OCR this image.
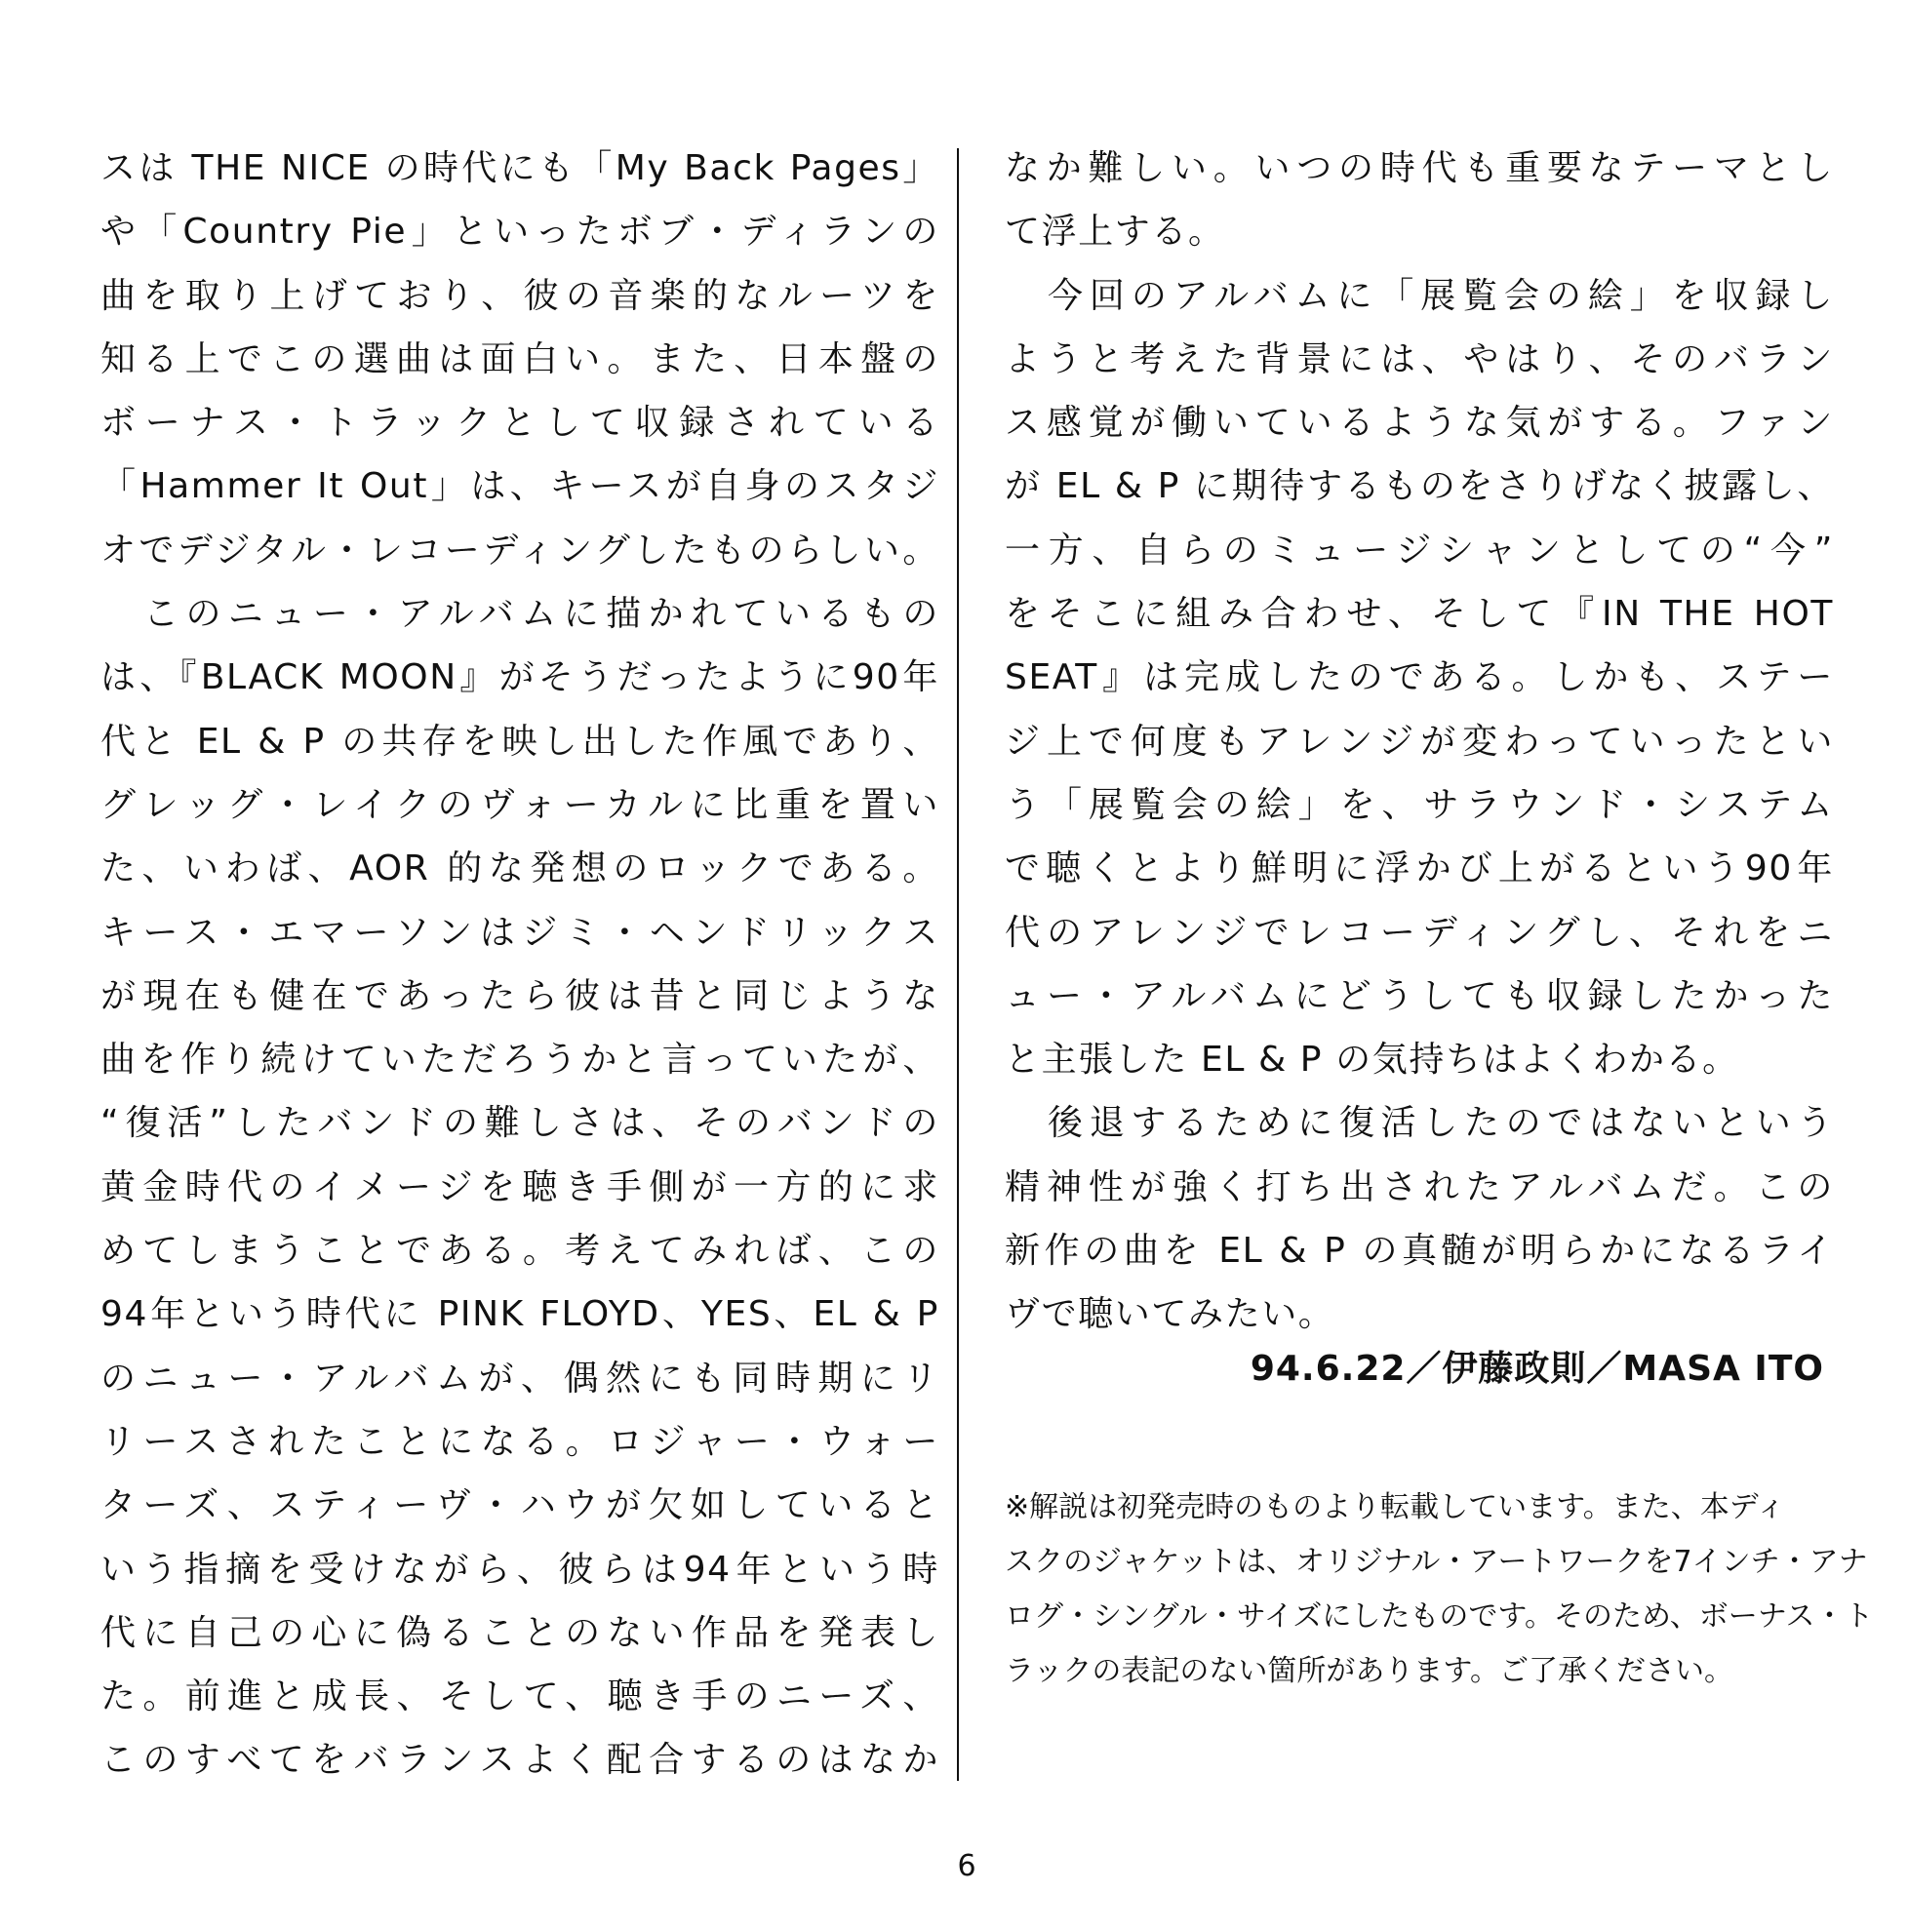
スは THE NICE の時代にも「My Back Pages」
や「Country Pie」といったボブ・ディランの
曲を取り上げており、彼の音楽的なルーツを
知る上でこの選曲は面白い。また、日本盤の
ボーナス・トラックとして収録されている
「Hammer It Out」は、キースが自身のスタジ
オでデジタル・レコーディングしたものらしい。
このニュー・アルバムに描かれているもの
は、『BLACK MOON』がそうだったように90年
代と EL & P の共存を映し出した作風であり、
グレッグ・レイクのヴォーカルに比重を置い
た、いわば、AOR 的な発想のロックである。
キース・エマーソンはジミ・ヘンドリックス
が現在も健在であったら彼は昔と同じような
曲を作り続けていただろうかと言っていたが、
“復活”したバンドの難しさは、そのバンドの
黄金時代のイメージを聴き手側が一方的に求
めてしまうことである。考えてみれば、この
94年という時代に PINK FLOYD、YES、EL & P
のニュー・アルバムが、偶然にも同時期にリ
リースされたことになる。ロジャー・ウォー
ターズ、スティーヴ・ハウが欠如していると
いう指摘を受けながら、彼らは94年という時
代に自己の心に偽ることのない作品を発表し
た。前進と成長、そして、聴き手のニーズ、
このすべてをバランスよく配合するのはなか
なか難しい。いつの時代も重要なテーマとし
て浮上する。
今回のアルバムに「展覧会の絵」を収録し
ようと考えた背景には、やはり、そのバラン
ス感覚が働いているような気がする。ファン
が EL & P に期待するものをさりげなく披露し、
一方、自らのミュージシャンとしての“今”
をそこに組み合わせ、そして『IN THE HOT
SEAT』は完成したのである。しかも、ステー
ジ上で何度もアレンジが変わっていったとい
う「展覧会の絵」を、サラウンド・システム
で聴くとより鮮明に浮かび上がるという90年
代のアレンジでレコーディングし、それをニ
ュー・アルバムにどうしても収録したかった
と主張した EL & P の気持ちはよくわかる。
後退するために復活したのではないという
精神性が強く打ち出されたアルバムだ。この
新作の曲を EL & P の真髄が明らかになるライ
ヴで聴いてみたい。
94.6.22／伊藤政則／MASA ITO
※解説は初発売時のものより転載しています。また、本ディ
スクのジャケットは、オリジナル・アートワークを7インチ・アナ
ログ・シングル・サイズにしたものです。そのため、ボーナス・ト
ラックの表記のない箇所があります。ご了承ください。
6
